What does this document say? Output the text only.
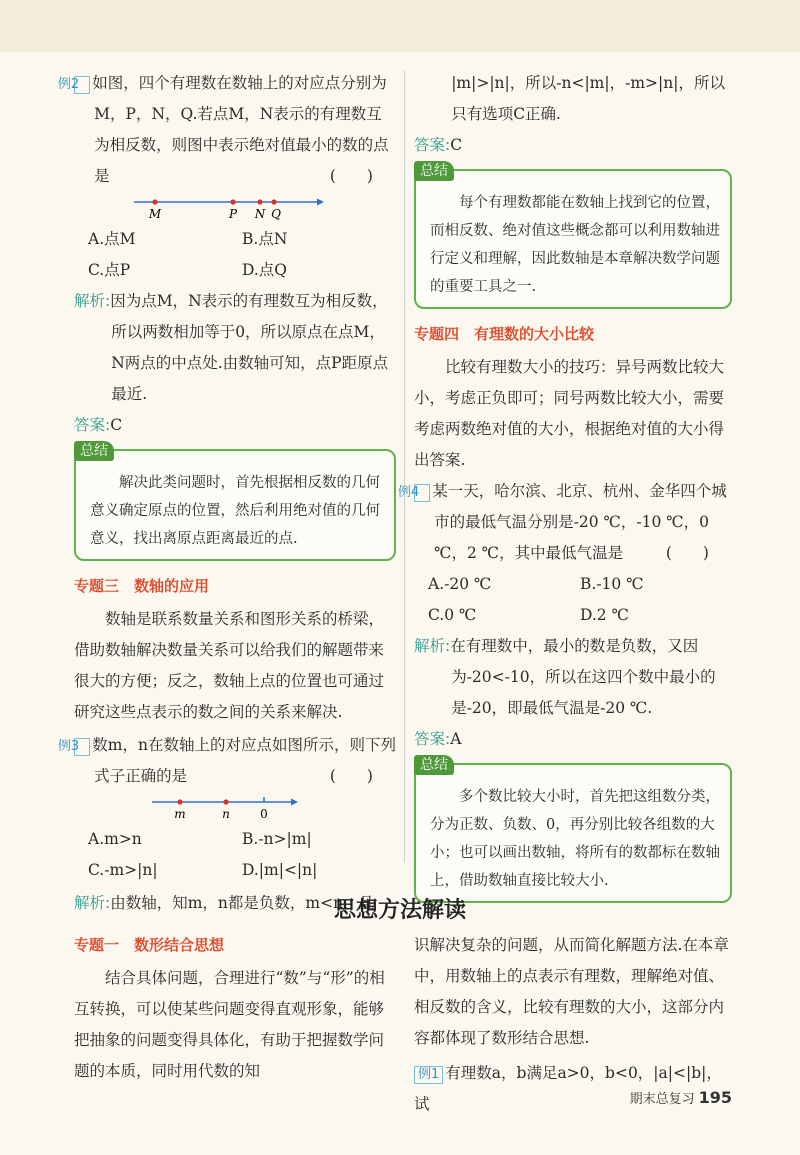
例2 如图，四个有理数在数轴上的对应点分别为M，P，N，Q.若点M，N表示的有理数互为相反数，则图中表示绝对值最小的数的点是	(　　)

M	P N Q
A.点M	B.点N
C.点P	D.点Q

解析:因为点M，N表示的有理数互为相反数，所以两数相加等于0，所以原点在点M，N两点的中点处.由数轴可知，点P距原点最近.

答案:C

总结

解决此类问题时，首先根据相反数的几何意义确定原点的位置，然后利用绝对值的几何意义，找出离原点距离最近的点.

专题三　数轴的应用

数轴是联系数量关系和图形关系的桥梁，借助数轴解决数量关系可以给我们的解题带来很大的方便；反之，数轴上点的位置也可通过研究这些点表示的数之间的关系来解决.

例3 数m，n在数轴上的对应点如图所示，则下列式子正确的是	(　　)

m	n	0
A.m>n	B.-n>|m|
C.-m>|n|	D.|m|<|n|

解析:由数轴，知m，n都是负数，m<n，且

|m|>|n|，所以-n<|m|，-m>|n|，所以只有选项C正确.

答案:C

总结

每个有理数都能在数轴上找到它的位置，而相反数、绝对值这些概念都可以利用数轴进行定义和理解，因此数轴是本章解决数学问题的重要工具之一.

专题四　有理数的大小比较

比较有理数大小的技巧：异号两数比较大小，考虑正负即可；同号两数比较大小，需要考虑两数绝对值的大小，根据绝对值的大小得出答案.

例4 某一天，哈尔滨、北京、杭州、金华四个城市的最低气温分别是-20 ℃，-10 ℃，0 ℃，2 ℃，其中最低气温是	(　　)

A.-20 ℃	B.-10 ℃
C.0 ℃	D.2 ℃

解析:在有理数中，最小的数是负数，又因为-20<-10，所以在这四个数中最小的是-20，即最低气温是-20 ℃.

答案:A

总结

多个数比较大小时，首先把这组数分类，分为正数、负数、0，再分别比较各组数的大小；也可以画出数轴，将所有的数都标在数轴上，借助数轴直接比较大小.

思想方法解读
专题一　数形结合思想

结合具体问题，合理进行“数”与“形”的相互转换，可以使某些问题变得直观形象，能够把抽象的问题变得具体化，有助于把握数学问题的本质，同时用代数的知

识解决复杂的问题，从而简化解题方法.在本章中，用数轴上的点表示有理数，理解绝对值、相反数的含义，比较有理数的大小，这部分内容都体现了数形结合思想.

例1 有理数a，b满足a>0，b<0，|a|<|b|，试	期末总复习 195
